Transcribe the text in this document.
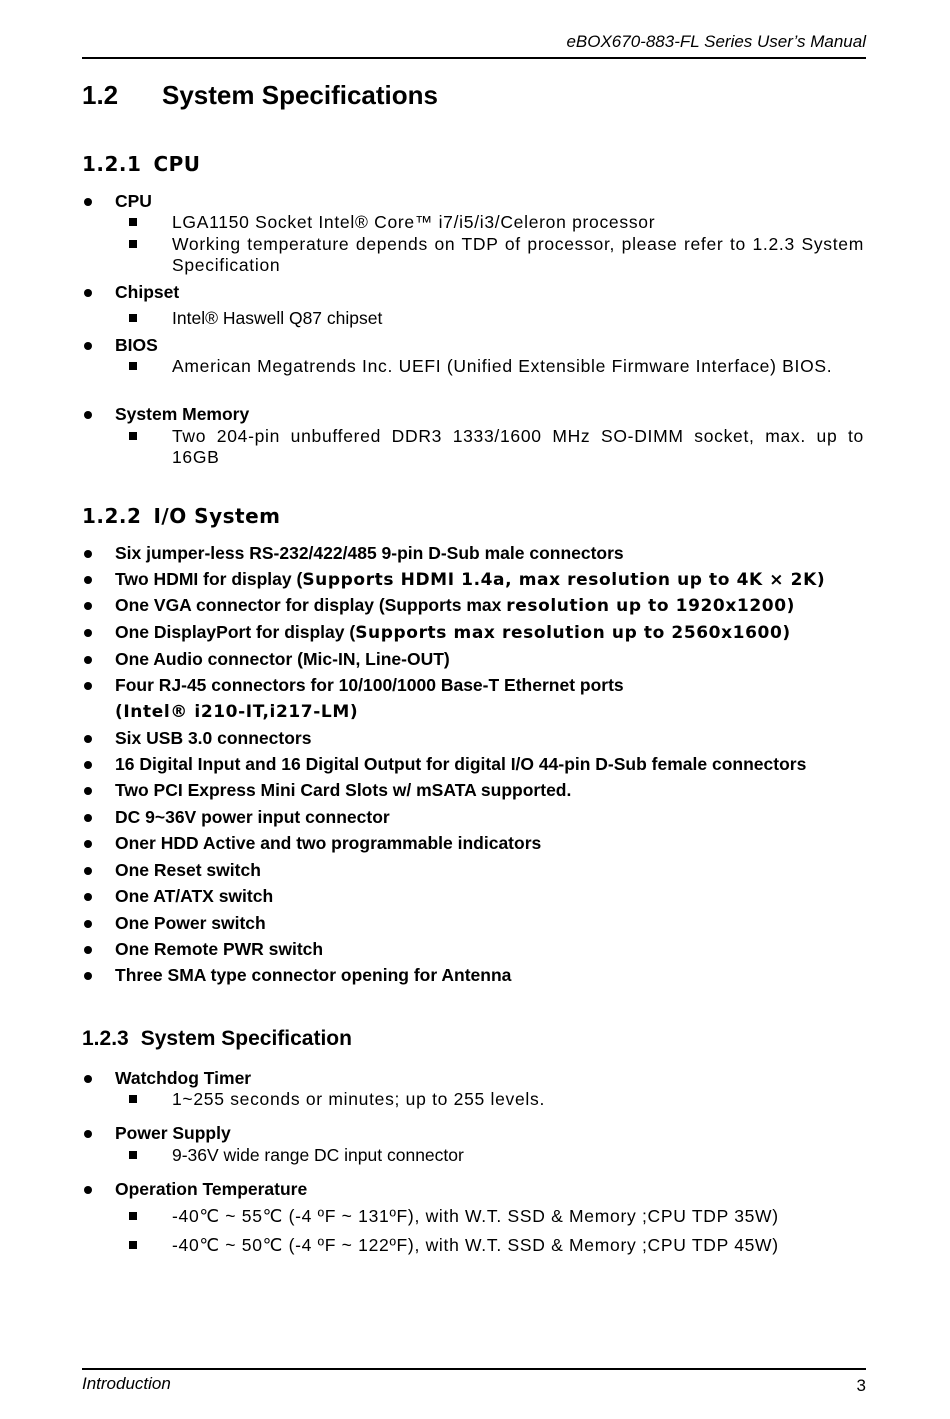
eBOX670-883-FL Series User’s Manual
1.2 System Specifications
1.2.1 CPU
CPU
LGA1150 Socket Intel® Core™ i7/i5/i3/Celeron processor
Working temperature depends on TDP of processor, please refer to 1.2.3 System Specification
Chipset
Intel® Haswell Q87 chipset
BIOS
American Megatrends Inc. UEFI (Unified Extensible Firmware Interface) BIOS.
System Memory
Two 204-pin unbuffered DDR3 1333/1600 MHz SO-DIMM socket, max. up to 16GB
1.2.2 I/O System
Six jumper-less RS-232/422/485 9-pin D-Sub male connectors
Two HDMI for display (Supports HDMI 1.4a, max resolution up to 4K × 2K)
One VGA connector for display (Supports max resolution up to 1920x1200)
One DisplayPort for display (Supports max resolution up to 2560x1600)
One Audio connector (Mic-IN, Line-OUT)
Four RJ-45 connectors for 10/100/1000 Base-T Ethernet ports
(Intel® i210-IT,i217-LM)
Six USB 3.0 connectors
16 Digital Input and 16 Digital Output for digital I/O 44-pin D-Sub female connectors
Two PCI Express Mini Card Slots w/ mSATA supported.
DC 9~36V power input connector
Oner HDD Active and two programmable indicators
One Reset switch
One AT/ATX switch
One Power switch
One Remote PWR switch
Three SMA type connector opening for Antenna
1.2.3 System Specification
Watchdog Timer
1~255 seconds or minutes; up to 255 levels.
Power Supply
9-36V wide range DC input connector
Operation Temperature
-40℃ ~ 55℃ (-4 ºF ~ 131ºF), with W.T. SSD & Memory ;CPU TDP 35W)
-40℃ ~ 50℃ (-4 ºF ~ 122ºF), with W.T. SSD & Memory ;CPU TDP 45W)
Introduction	3
